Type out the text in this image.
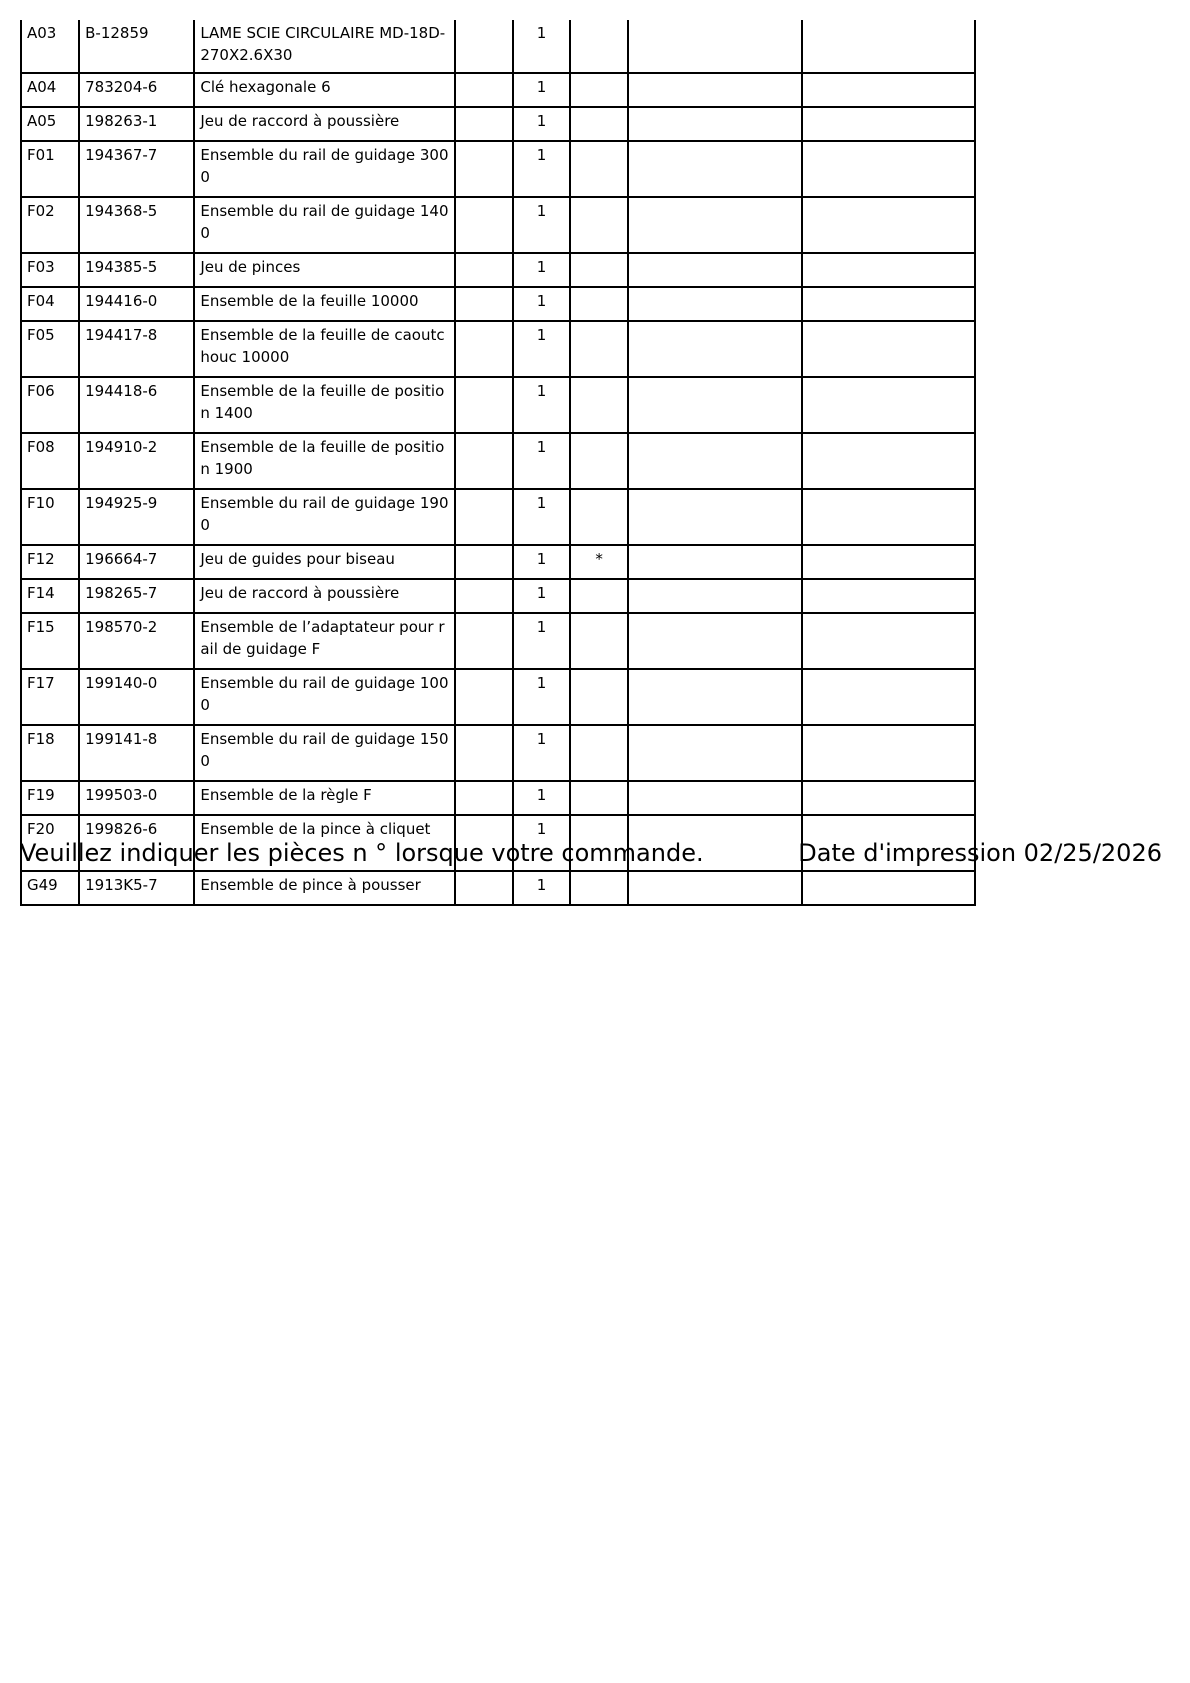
A03	B-12859	LAME SCIE CIRCULAIRE MD-18D-270X2.6X30		1			

A04	783204-6	Clé hexagonale 6		1			

A05	198263-1	Jeu de raccord à poussière		1			

F01	194367-7	Ensemble du rail de guidage 3000		1			

F02	194368-5	Ensemble du rail de guidage 1400		1			

F03	194385-5	Jeu de pinces		1			

F04	194416-0	Ensemble de la feuille 10000		1			

F05	194417-8	Ensemble de la feuille de caoutchouc 10000		1			

F06	194418-6	Ensemble de la feuille de position 1400		1			

F08	194910-2	Ensemble de la feuille de position 1900		1			

F10	194925-9	Ensemble du rail de guidage 1900		1			

F12	196664-7	Jeu de guides pour biseau		1	*		

F14	198265-7	Jeu de raccord à poussière		1			

F15	198570-2	Ensemble de l’adaptateur pour rail de guidage F		1			

F17	199140-0	Ensemble du rail de guidage 1000		1			

F18	199141-8	Ensemble du rail de guidage 1500		1			

F19	199503-0	Ensemble de la règle F		1			

F20	199826-6	Ensemble de la pince à cliquet		1			

G49	1913K5-7	Ensemble de pince à pousser		1			

Veuillez indiquer les pièces n ° lorsque votre commande.	Date d'impression 02/25/2026
